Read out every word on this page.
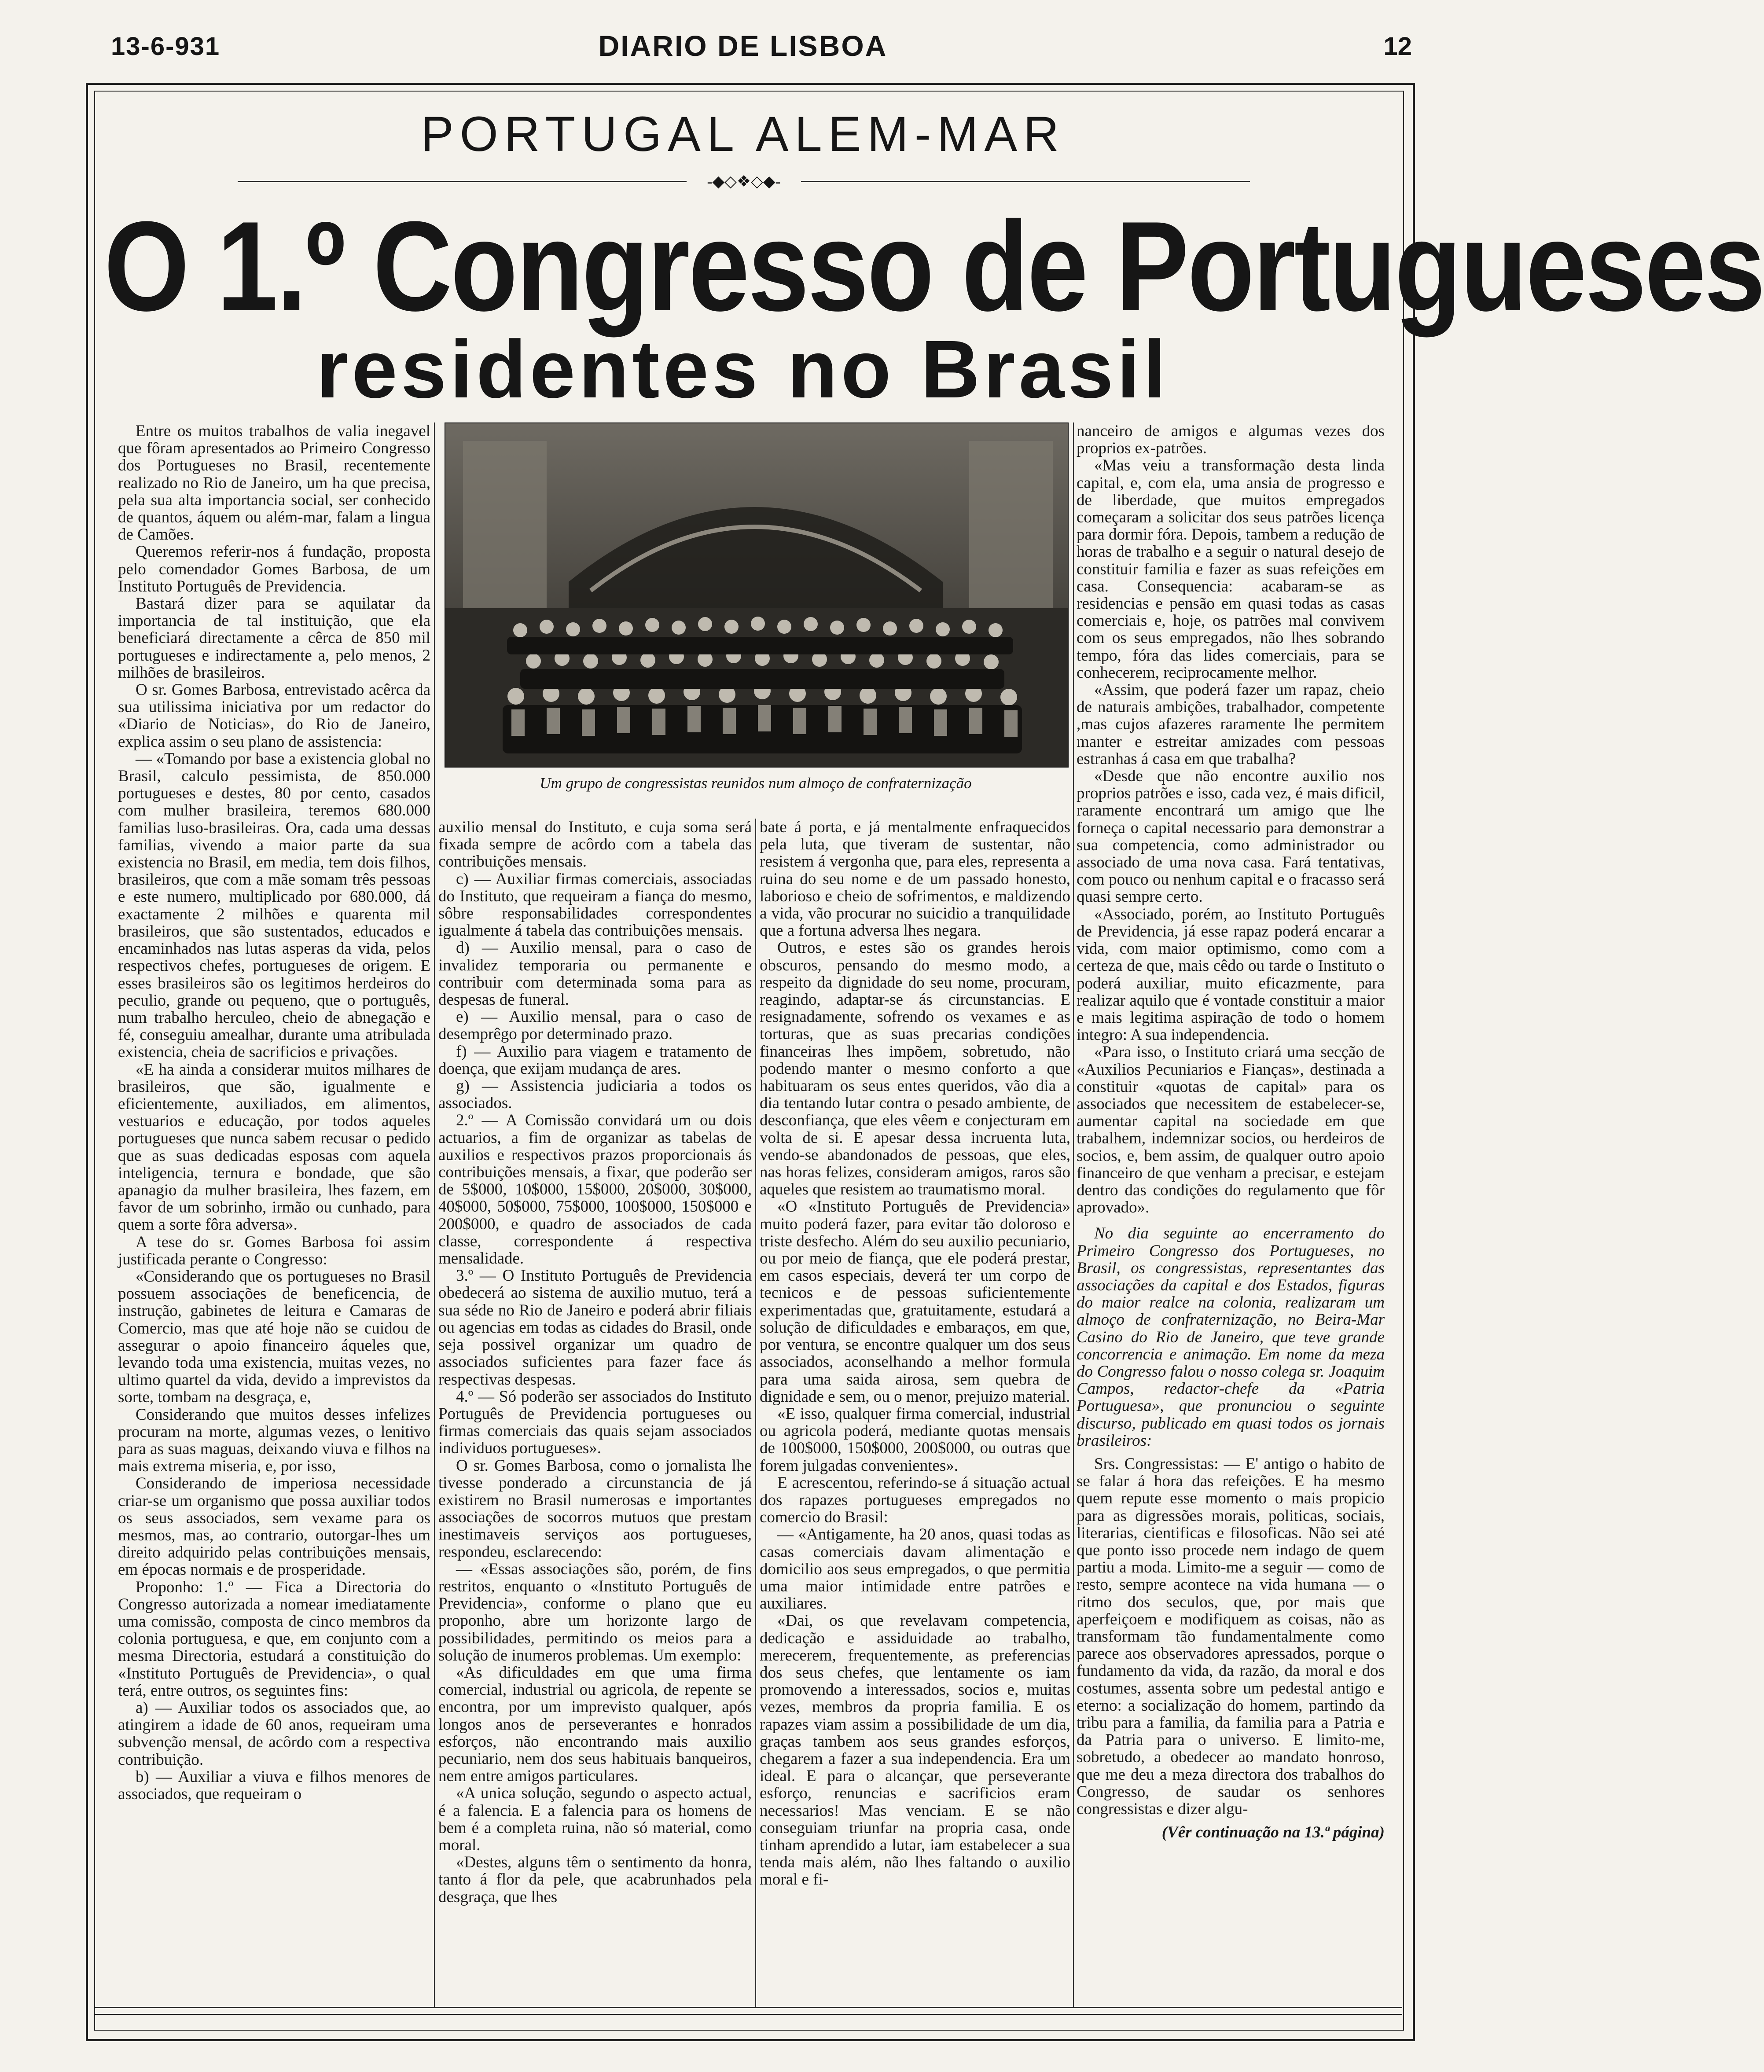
13-6-931	DIARIO DE LISBOA	12
PORTUGAL ALEM-MAR
-◆◇❖◇◆-
O 1.º Congresso de Portugueses
residentes no Brasil
Um grupo de congressistas reunidos num almoço de confraternização

Entre os muitos trabalhos de valia inegavel que fôram apresentados ao Primeiro Congresso dos Portugueses no Brasil, recentemente realizado no Rio de Janeiro, um ha que precisa, pela sua alta importancia social, ser conhecido de quantos, áquem ou além-mar, falam a lingua de Camões.

Queremos referir-nos á fundação, proposta pelo comendador Gomes Barbosa, de um Instituto Português de Previdencia.

Bastará dizer para se aquilatar da importancia de tal instituição, que ela beneficiará directamente a cêrca de 850 mil portugueses e indirectamente a, pelo menos, 2 milhões de brasileiros.

O sr. Gomes Barbosa, entrevistado acêrca da sua utilissima iniciativa por um redactor do «Diario de Noticias», do Rio de Janeiro, explica assim o seu plano de assistencia:

— «Tomando por base a existencia global no Brasil, calculo pessimista, de 850.000 portugueses e destes, 80 por cento, casados com mulher brasileira, teremos 680.000 familias luso-brasileiras. Ora, cada uma dessas familias, vivendo a maior parte da sua existencia no Brasil, em media, tem dois filhos, brasileiros, que com a mãe somam três pessoas e este numero, multiplicado por 680.000, dá exactamente 2 milhões e quarenta mil brasileiros, que são sustentados, educados e encaminhados nas lutas asperas da vida, pelos respectivos chefes, portugueses de origem. E esses brasileiros são os legitimos herdeiros do peculio, grande ou pequeno, que o português, num trabalho herculeo, cheio de abnegação e fé, conseguiu amealhar, durante uma atribulada existencia, cheia de sacrificios e privações.

«E ha ainda a considerar muitos milhares de brasileiros, que são, igualmente e eficientemente, auxiliados, em alimentos, vestuarios e educação, por todos aqueles portugueses que nunca sabem recusar o pedido que as suas dedicadas esposas com aquela inteligencia, ternura e bondade, que são apanagio da mulher brasileira, lhes fazem, em favor de um sobrinho, irmão ou cunhado, para quem a sorte fôra adversa».

A tese do sr. Gomes Barbosa foi assim justificada perante o Congresso:

«Considerando que os portugueses no Brasil possuem associações de beneficencia, de instrução, gabinetes de leitura e Camaras de Comercio, mas que até hoje não se cuidou de assegurar o apoio financeiro áqueles que, levando toda uma existencia, muitas vezes, no ultimo quartel da vida, devido a imprevistos da sorte, tombam na desgraça, e,

Considerando que muitos desses infelizes procuram na morte, algumas vezes, o lenitivo para as suas maguas, deixando viuva e filhos na mais extrema miseria, e, por isso,

Considerando de imperiosa necessidade criar-se um organismo que possa auxiliar todos os seus associados, sem vexame para os mesmos, mas, ao contrario, outorgar-lhes um direito adquirido pelas contribuições mensais, em épocas normais e de prosperidade.

Proponho: 1.º — Fica a Directoria do Congresso autorizada a nomear imediatamente uma comissão, composta de cinco membros da colonia portuguesa, e que, em conjunto com a mesma Directoria, estudará a constituição do «Instituto Português de Previdencia», o qual terá, entre outros, os seguintes fins:

a) — Auxiliar todos os associados que, ao atingirem a idade de 60 anos, requeiram uma subvenção mensal, de acôrdo com a respectiva contribuição.

b) — Auxiliar a viuva e filhos menores de associados, que requeiram o

auxilio mensal do Instituto, e cuja soma será fixada sempre de acôrdo com a tabela das contribuições mensais.

c) — Auxiliar firmas comerciais, associadas do Instituto, que requeiram a fiança do mesmo, sôbre responsabilidades correspondentes igualmente á tabela das contribuições mensais.

d) — Auxilio mensal, para o caso de invalidez temporaria ou permanente e contribuir com determinada soma para as despesas de funeral.

e) — Auxilio mensal, para o caso de desemprêgo por determinado prazo.

f) — Auxilio para viagem e tratamento de doença, que exijam mudança de ares.

g) — Assistencia judiciaria a todos os associados.

2.º — A Comissão convidará um ou dois actuarios, a fim de organizar as tabelas de auxilios e respectivos prazos proporcionais ás contribuições mensais, a fixar, que poderão ser de 5$000, 10$000, 15$000, 20$000, 30$000, 40$000, 50$000, 75$000, 100$000, 150$000 e 200$000, e quadro de associados de cada classe, correspondente á respectiva mensalidade.

3.º — O Instituto Português de Previdencia obedecerá ao sistema de auxilio mutuo, terá a sua séde no Rio de Janeiro e poderá abrir filiais ou agencias em todas as cidades do Brasil, onde seja possivel organizar um quadro de associados suficientes para fazer face ás respectivas despesas.

4.º — Só poderão ser associados do Instituto Português de Previdencia portugueses ou firmas comerciais das quais sejam associados individuos portugueses».

O sr. Gomes Barbosa, como o jornalista lhe tivesse ponderado a circunstancia de já existirem no Brasil numerosas e importantes associações de socorros mutuos que prestam inestimaveis serviços aos portugueses, respondeu, esclarecendo:

— «Essas associações são, porém, de fins restritos, enquanto o «Instituto Português de Previdencia», conforme o plano que eu proponho, abre um horizonte largo de possibilidades, permitindo os meios para a solução de inumeros problemas. Um exemplo:

«As dificuldades em que uma firma comercial, industrial ou agricola, de repente se encontra, por um imprevisto qualquer, após longos anos de perseverantes e honrados esforços, não encontrando mais auxilio pecuniario, nem dos seus habituais banqueiros, nem entre amigos particulares.

«A unica solução, segundo o aspecto actual, é a falencia. E a falencia para os homens de bem é a completa ruina, não só material, como moral.

«Destes, alguns têm o sentimento da honra, tanto á flor da pele, que acabrunhados pela desgraça, que lhes

bate á porta, e já mentalmente enfraquecidos pela luta, que tiveram de sustentar, não resistem á vergonha que, para eles, representa a ruina do seu nome e de um passado honesto, laborioso e cheio de sofrimentos, e maldizendo a vida, vão procurar no suicidio a tranquilidade que a fortuna adversa lhes negara.

Outros, e estes são os grandes herois obscuros, pensando do mesmo modo, a respeito da dignidade do seu nome, procuram, reagindo, adaptar-se ás circunstancias. E resignadamente, sofrendo os vexames e as torturas, que as suas precarias condições financeiras lhes impõem, sobretudo, não podendo manter o mesmo conforto a que habituaram os seus entes queridos, vão dia a dia tentando lutar contra o pesado ambiente, de desconfiança, que eles vêem e conjecturam em volta de si. E apesar dessa incruenta luta, vendo-se abandonados de pessoas, que eles, nas horas felizes, consideram amigos, raros são aqueles que resistem ao traumatismo moral.

«O «Instituto Português de Previdencia» muito poderá fazer, para evitar tão doloroso e triste desfecho. Além do seu auxilio pecuniario, ou por meio de fiança, que ele poderá prestar, em casos especiais, deverá ter um corpo de tecnicos e de pessoas suficientemente experimentadas que, gratuitamente, estudará a solução de dificuldades e embaraços, em que, por ventura, se encontre qualquer um dos seus associados, aconselhando a melhor formula para uma saida airosa, sem quebra de dignidade e sem, ou o menor, prejuizo material.

«E isso, qualquer firma comercial, industrial ou agricola poderá, mediante quotas mensais de 100$000, 150$000, 200$000, ou outras que forem julgadas convenientes».

E acrescentou, referindo-se á situação actual dos rapazes portugueses empregados no comercio do Brasil:

— «Antigamente, ha 20 anos, quasi todas as casas comerciais davam alimentação e domicilio aos seus empregados, o que permitia uma maior intimidade entre patrões e auxiliares.

«Dai, os que revelavam competencia, dedicação e assiduidade ao trabalho, merecerem, frequentemente, as preferencias dos seus chefes, que lentamente os iam promovendo a interessados, socios e, muitas vezes, membros da propria familia. E os rapazes viam assim a possibilidade de um dia, graças tambem aos seus grandes esforços, chegarem a fazer a sua independencia. Era um ideal. E para o alcançar, que perseverante esforço, renuncias e sacrificios eram necessarios! Mas venciam. E se não conseguiam triunfar na propria casa, onde tinham aprendido a lutar, iam estabelecer a sua tenda mais além, não lhes faltando o auxilio moral e fi-

nanceiro de amigos e algumas vezes dos proprios ex-patrões.

«Mas veiu a transformação desta linda capital, e, com ela, uma ansia de progresso e de liberdade, que muitos empregados começaram a solicitar dos seus patrões licença para dormir fóra. Depois, tambem a redução de horas de trabalho e a seguir o natural desejo de constituir familia e fazer as suas refeições em casa. Consequencia: acabaram-se as residencias e pensão em quasi todas as casas comerciais e, hoje, os patrões mal convivem com os seus empregados, não lhes sobrando tempo, fóra das lides comerciais, para se conhecerem, reciprocamente melhor.

«Assim, que poderá fazer um rapaz, cheio de naturais ambições, trabalhador, competente ,mas cujos afazeres raramente lhe permitem manter e estreitar amizades com pessoas estranhas á casa em que trabalha?

«Desde que não encontre auxilio nos proprios patrões e isso, cada vez, é mais dificil, raramente encontrará um amigo que lhe forneça o capital necessario para demonstrar a sua competencia, como administrador ou associado de uma nova casa. Fará tentativas, com pouco ou nenhum capital e o fracasso será quasi sempre certo.

«Associado, porém, ao Instituto Português de Previdencia, já esse rapaz poderá encarar a vida, com maior optimismo, como com a certeza de que, mais cêdo ou tarde o Instituto o poderá auxiliar, muito eficazmente, para realizar aquilo que é vontade constituir a maior e mais legitima aspiração de todo o homem integro: A sua independencia.

«Para isso, o Instituto criará uma secção de «Auxilios Pecuniarios e Fianças», destinada a constituir «quotas de capital» para os associados que necessitem de estabelecer-se, aumentar capital na sociedade em que trabalhem, indemnizar socios, ou herdeiros de socios, e, bem assim, de qualquer outro apoio financeiro de que venham a precisar, e estejam dentro das condições do regulamento que fôr aprovado».

No dia seguinte ao encerramento do Primeiro Congresso dos Portugueses, no Brasil, os congressistas, representantes das associações da capital e dos Estados, figuras do maior realce na colonia, realizaram um almoço de confraternização, no Beira-Mar Casino do Rio de Janeiro, que teve grande concorrencia e animação. Em nome da meza do Congresso falou o nosso colega sr. Joaquim Campos, redactor-chefe da «Patria Portuguesa», que pronunciou o seguinte discurso, publicado em quasi todos os jornais brasileiros:

Srs. Congressistas: — E' antigo o habito de se falar á hora das refeições. E ha mesmo quem repute esse momento o mais propicio para as digressões morais, politicas, sociais, literarias, cientificas e filosoficas. Não sei até que ponto isso procede nem indago de quem partiu a moda. Limito-me a seguir — como de resto, sempre acontece na vida humana — o ritmo dos seculos, que, por mais que aperfeiçoem e modifiquem as coisas, não as transformam tão fundamentalmente como parece aos observadores apressados, porque o fundamento da vida, da razão, da moral e dos costumes, assenta sobre um pedestal antigo e eterno: a socialização do homem, partindo da tribu para a familia, da familia para a Patria e da Patria para o universo. E limito-me, sobretudo, a obedecer ao mandato honroso, que me deu a meza directora dos trabalhos do Congresso, de saudar os senhores congressistas e dizer algu-

(Vêr continuação na 13.ª página)
